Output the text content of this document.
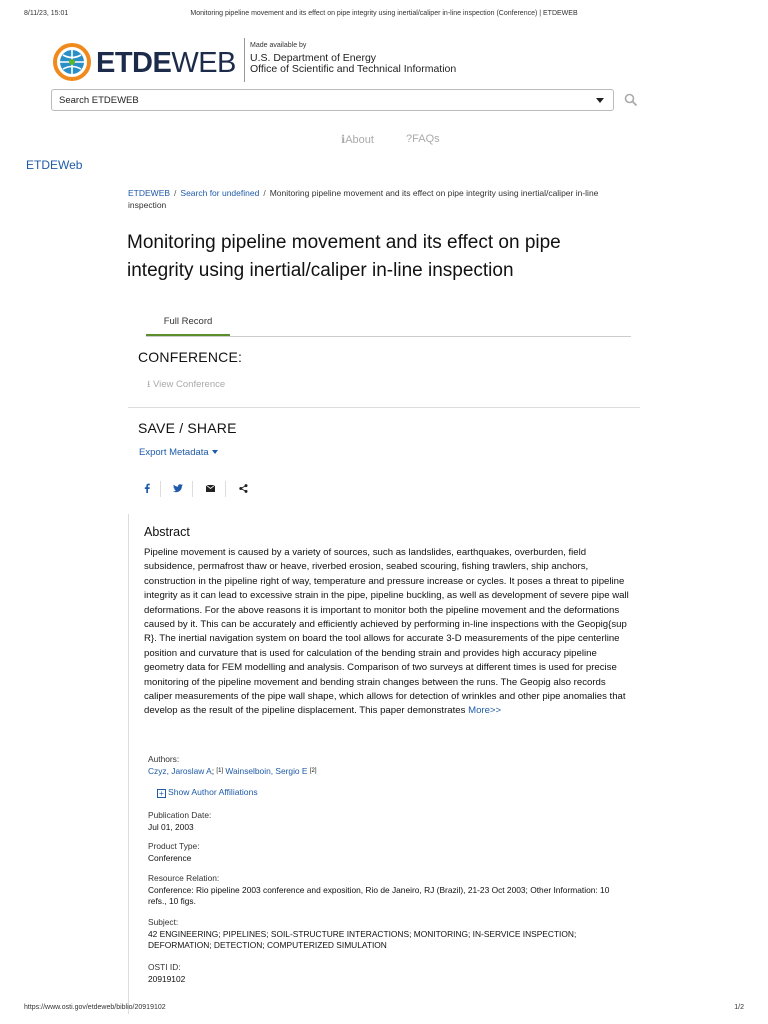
8/11/23, 15:01	Monitoring pipeline movement and its effect on pipe integrity using inertial/caliper in-line inspection (Conference) | ETDEWEB
ETDEWEB
Made available by
U.S. Department of Energy
Office of Scientific and Technical Information
Search ETDEWEB
ℹAbout	?FAQs
ETDEWeb
ETDEWEB / Search for undefined / Monitoring pipeline movement and its effect on pipe integrity using inertial/caliper in-line inspection
Monitoring pipeline movement and its effect on pipe integrity using inertial/caliper in-line inspection
Full Record
CONFERENCE:
⭳ View Conference
SAVE / SHARE
Export Metadata
Abstract
Pipeline movement is caused by a variety of sources, such as landslides, earthquakes, overburden, field subsidence, permafrost thaw or heave, riverbed erosion, seabed scouring, fishing trawlers, ship anchors, construction in the pipeline right of way, temperature and pressure increase or cycles. It poses a threat to pipeline integrity as it can lead to excessive strain in the pipe, pipeline buckling, as well as development of severe pipe wall deformations. For the above reasons it is important to monitor both the pipeline movement and the deformations caused by it. This can be accurately and efficiently achieved by performing in-line inspections with the Geopig{sup R}. The inertial navigation system on board the tool allows for accurate 3-D measurements of the pipe centerline position and curvature that is used for calculation of the bending strain and provides high accuracy pipeline geometry data for FEM modelling and analysis. Comparison of two surveys at different times is used for precise monitoring of the pipeline movement and bending strain changes between the runs. The Geopig also records caliper measurements of the pipe wall shape, which allows for detection of wrinkles and other pipe anomalies that develop as the result of the pipeline displacement. This paper demonstrates More>>
Authors:
Czyz, Jaroslaw A; [1] Wainselboin, Sergio E [2]
+ Show Author Affiliations
Publication Date:
Jul 01, 2003
Product Type:
Conference
Resource Relation:
Conference: Rio pipeline 2003 conference and exposition, Rio de Janeiro, RJ (Brazil), 21-23 Oct 2003; Other Information: 10 refs., 10 figs.
Subject:
42 ENGINEERING; PIPELINES; SOIL-STRUCTURE INTERACTIONS; MONITORING; IN-SERVICE INSPECTION; DEFORMATION; DETECTION; COMPUTERIZED SIMULATION
OSTI ID:
20919102
https://www.osti.gov/etdeweb/biblio/20919102	1/2
